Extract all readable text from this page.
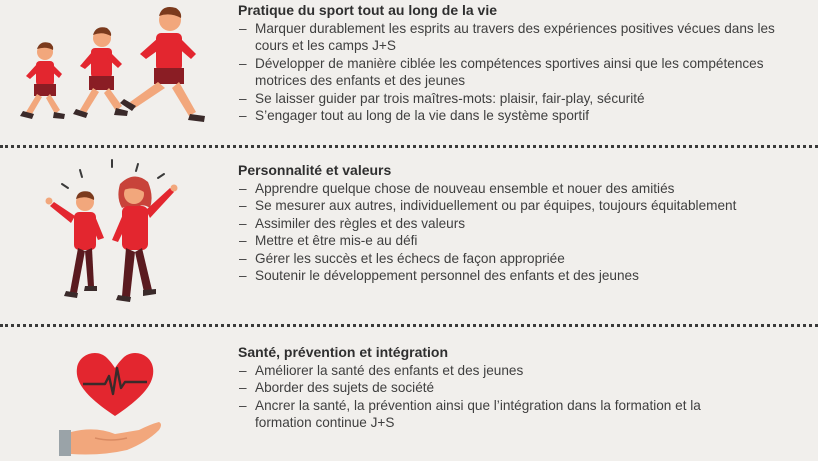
Pratique du sport tout au long de la vie
– Marquer durablement les esprits au travers des expériences positives vécues dans les cours et les camps J+S
– Développer de manière ciblée les compétences sportives ainsi que les compétences motrices des enfants et des jeunes
– Se laisser guider par trois maîtres-mots: plaisir, fair-play, sécurité
– S’engager tout au long de la vie dans le système sportif
Personnalité et valeurs
– Apprendre quelque chose de nouveau ensemble et nouer des amitiés
– Se mesurer aux autres, individuellement ou par équipes, toujours équitablement
– Assimiler des règles et des valeurs
– Mettre et être mis-e au défi
– Gérer les succès et les échecs de façon appropriée
– Soutenir le développement personnel des enfants et des jeunes
Santé, prévention et intégration
– Améliorer la santé des enfants et des jeunes
– Aborder des sujets de société
– Ancrer la santé, la prévention ainsi que l’intégration dans la formation et la formation continue J+S
